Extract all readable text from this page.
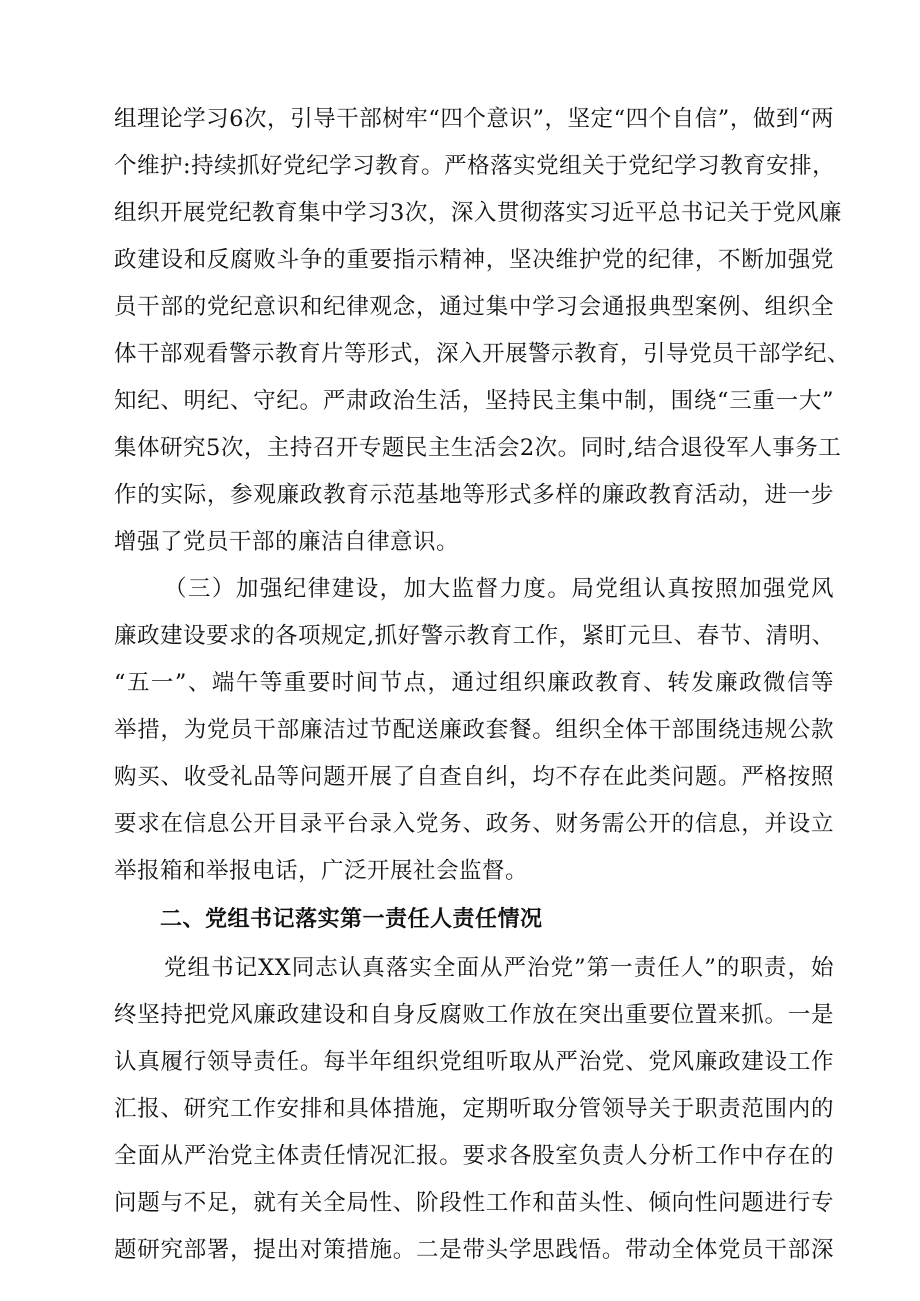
组理论学习6次，引导干部树牢“四个意识”，坚定“四个自信”，做到“两
个维护:持续抓好党纪学习教育。严格落实党组关于党纪学习教育安排，
组织开展党纪教育集中学习3次，深入贯彻落实习近平总书记关于党风廉
政建设和反腐败斗争的重要指示精神，坚决维护党的纪律，不断加强党
员干部的党纪意识和纪律观念，通过集中学习会通报典型案例、组织全
体干部观看警示教育片等形式，深入开展警示教育，引导党员干部学纪、
知纪、明纪、守纪。严肃政治生活，坚持民主集中制，围绕“三重一大”
集体研究5次，主持召开专题民主生活会2次。同时,结合退役军人事务工
作的实际，参观廉政教育示范基地等形式多样的廉政教育活动，进一步
增强了党员干部的廉洁自律意识。
（三）加强纪律建设，加大监督力度。局党组认真按照加强党风
廉政建设要求的各项规定,抓好警示教育工作，紧盯元旦、春节、清明、
“五一”、端午等重要时间节点，通过组织廉政教育、转发廉政微信等
举措，为党员干部廉洁过节配送廉政套餐。组织全体干部围绕违规公款
购买、收受礼品等问题开展了自查自纠，均不存在此类问题。严格按照
要求在信息公开目录平台录入党务、政务、财务需公开的信息，并设立
举报箱和举报电话，广泛开展社会监督。
二、党组书记落实第一责任人责任情况
党组书记XX同志认真落实全面从严治党”第一责任人”的职责，始
终坚持把党风廉政建设和自身反腐败工作放在突出重要位置来抓。一是
认真履行领导责任。每半年组织党组听取从严治党、党风廉政建设工作
汇报、研究工作安排和具体措施，定期听取分管领导关于职责范围内的
全面从严治党主体责任情况汇报。要求各股室负责人分析工作中存在的
问题与不足，就有关全局性、阶段性工作和苗头性、倾向性问题进行专
题研究部署，提出对策措施。二是带头学思践悟。带动全体党员干部深
